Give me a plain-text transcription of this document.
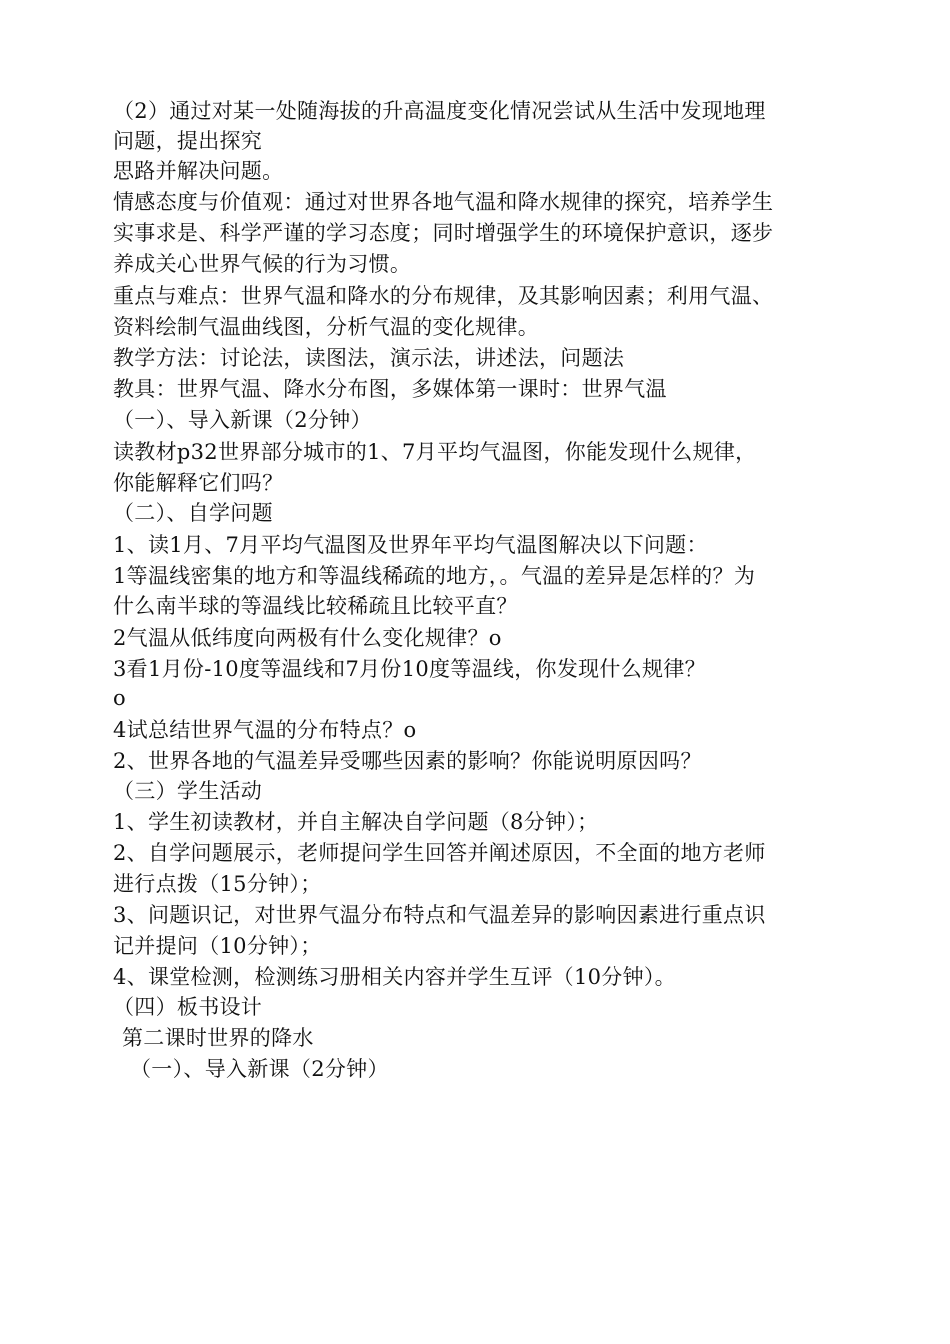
（2）通过对某一处随海拔的升高温度变化情况尝试从生活中发现地理

问题，提出探究

思路并解决问题。

情感态度与价值观：通过对世界各地气温和降水规律的探究，培养学生

实事求是、科学严谨的学习态度；同时增强学生的环境保护意识，逐步

养成关心世界气候的行为习惯。

重点与难点：世界气温和降水的分布规律，及其影响因素；利用气温、

资料绘制气温曲线图，分析气温的变化规律。

教学方法：讨论法，读图法，演示法，讲述法，问题法

教具：世界气温、降水分布图，多媒体第一课时：世界气温

（一）、导入新课（2分钟）

读教材p32世界部分城市的1、7月平均气温图，你能发现什么规律，

你能解释它们吗？

（二）、自学问题

1、读1月、7月平均气温图及世界年平均气温图解决以下问题：

1等温线密集的地方和等温线稀疏的地方，。气温的差异是怎样的？为

什么南半球的等温线比较稀疏且比较平直？

2气温从低纬度向两极有什么变化规律？o

3看1月份-10度等温线和7月份10度等温线，你发现什么规律？

o

4试总结世界气温的分布特点？o

2、世界各地的气温差异受哪些因素的影响？你能说明原因吗？

（三）学生活动

1、学生初读教材，并自主解决自学问题（8分钟）；

2、自学问题展示，老师提问学生回答并阐述原因，不全面的地方老师

进行点拨（15分钟）；

3、问题识记，对世界气温分布特点和气温差异的影响因素进行重点识

记并提问（10分钟）；

4、课堂检测，检测练习册相关内容并学生互评（10分钟）。

（四）板书设计

第二课时世界的降水

（一）、导入新课（2分钟）
